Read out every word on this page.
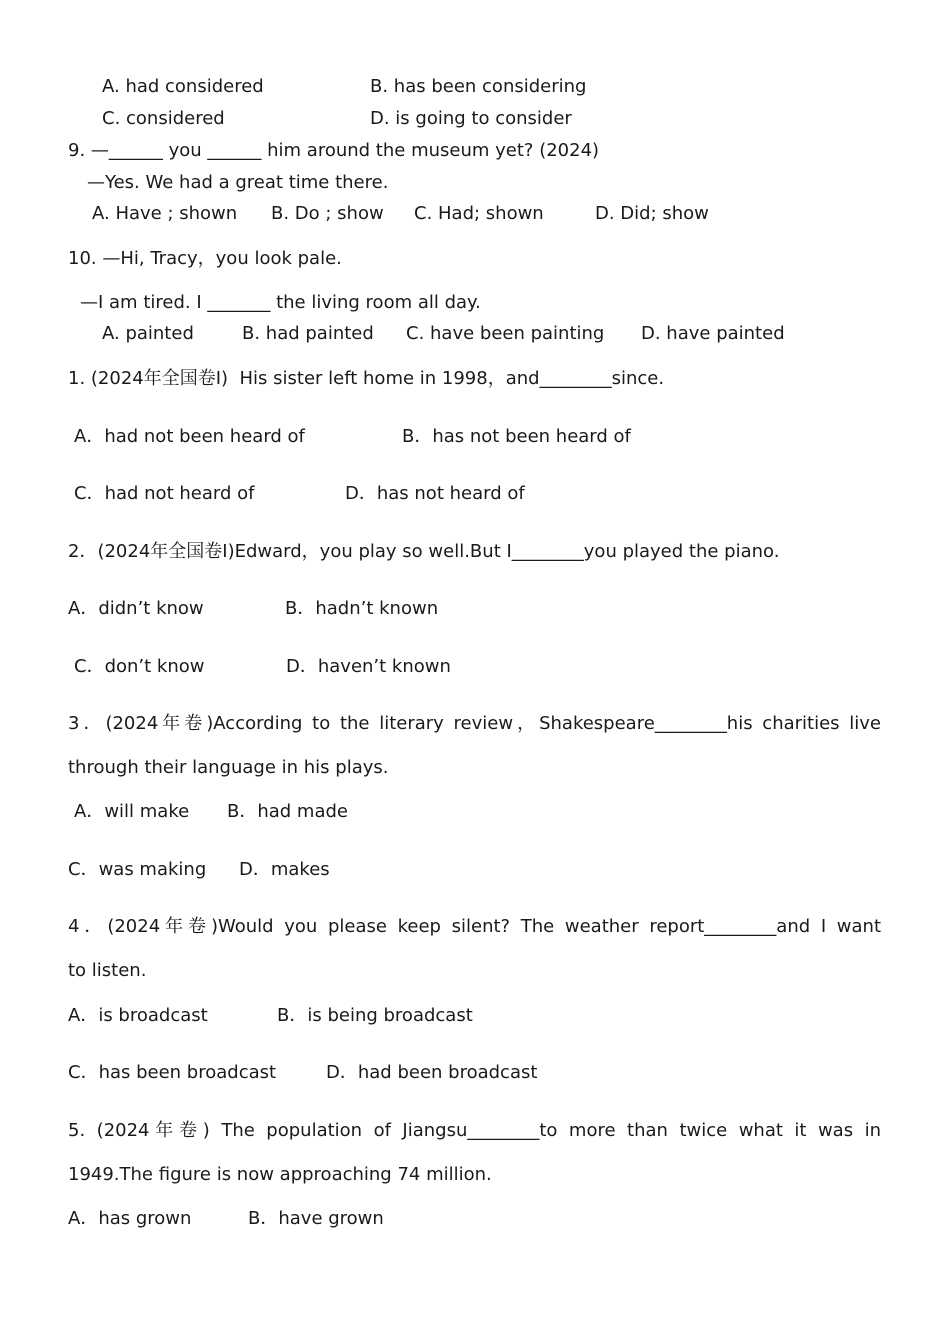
A. had considered	B. has been considering
C. considered	D. is going to consider
9. —______ you ______ him around the museum yet? (2024)
—Yes. We had a great time there.
A. Have ; shown B. Do ; show C. Had; shown	D. Did; show
10. —Hi, Tracy，you look pale.
—I am tired. I _______ the living room all day.
A. painted	B. had painted C. have been painting D. have painted
1. (2024年全国卷Ⅰ)  His sister left home in 1998，and________since.
A．had not been heard of	B．has not been heard of
C．had not heard of	D．has not heard of
2．(2024年全国卷Ⅰ)Edward，you play so well.But I________you played the piano.
A．didn’t know	B．hadn’t known
C．don’t know	D．haven’t known
3．(2024年卷)According to the literary review，Shakespeare________his charities live
through their language in his plays.
A．will make B．had made
C．was making D．makes
4．(2024年卷)Would you please keep silent? The weather report________and I want
to listen.
A．is broadcast	B．is being broadcast
C．has been broadcast	D．had been broadcast
5. (2024年卷) The population of Jiangsu________to more than twice what it was in
1949.The figure is now approaching 74 million.
A．has grown	B．have grown
